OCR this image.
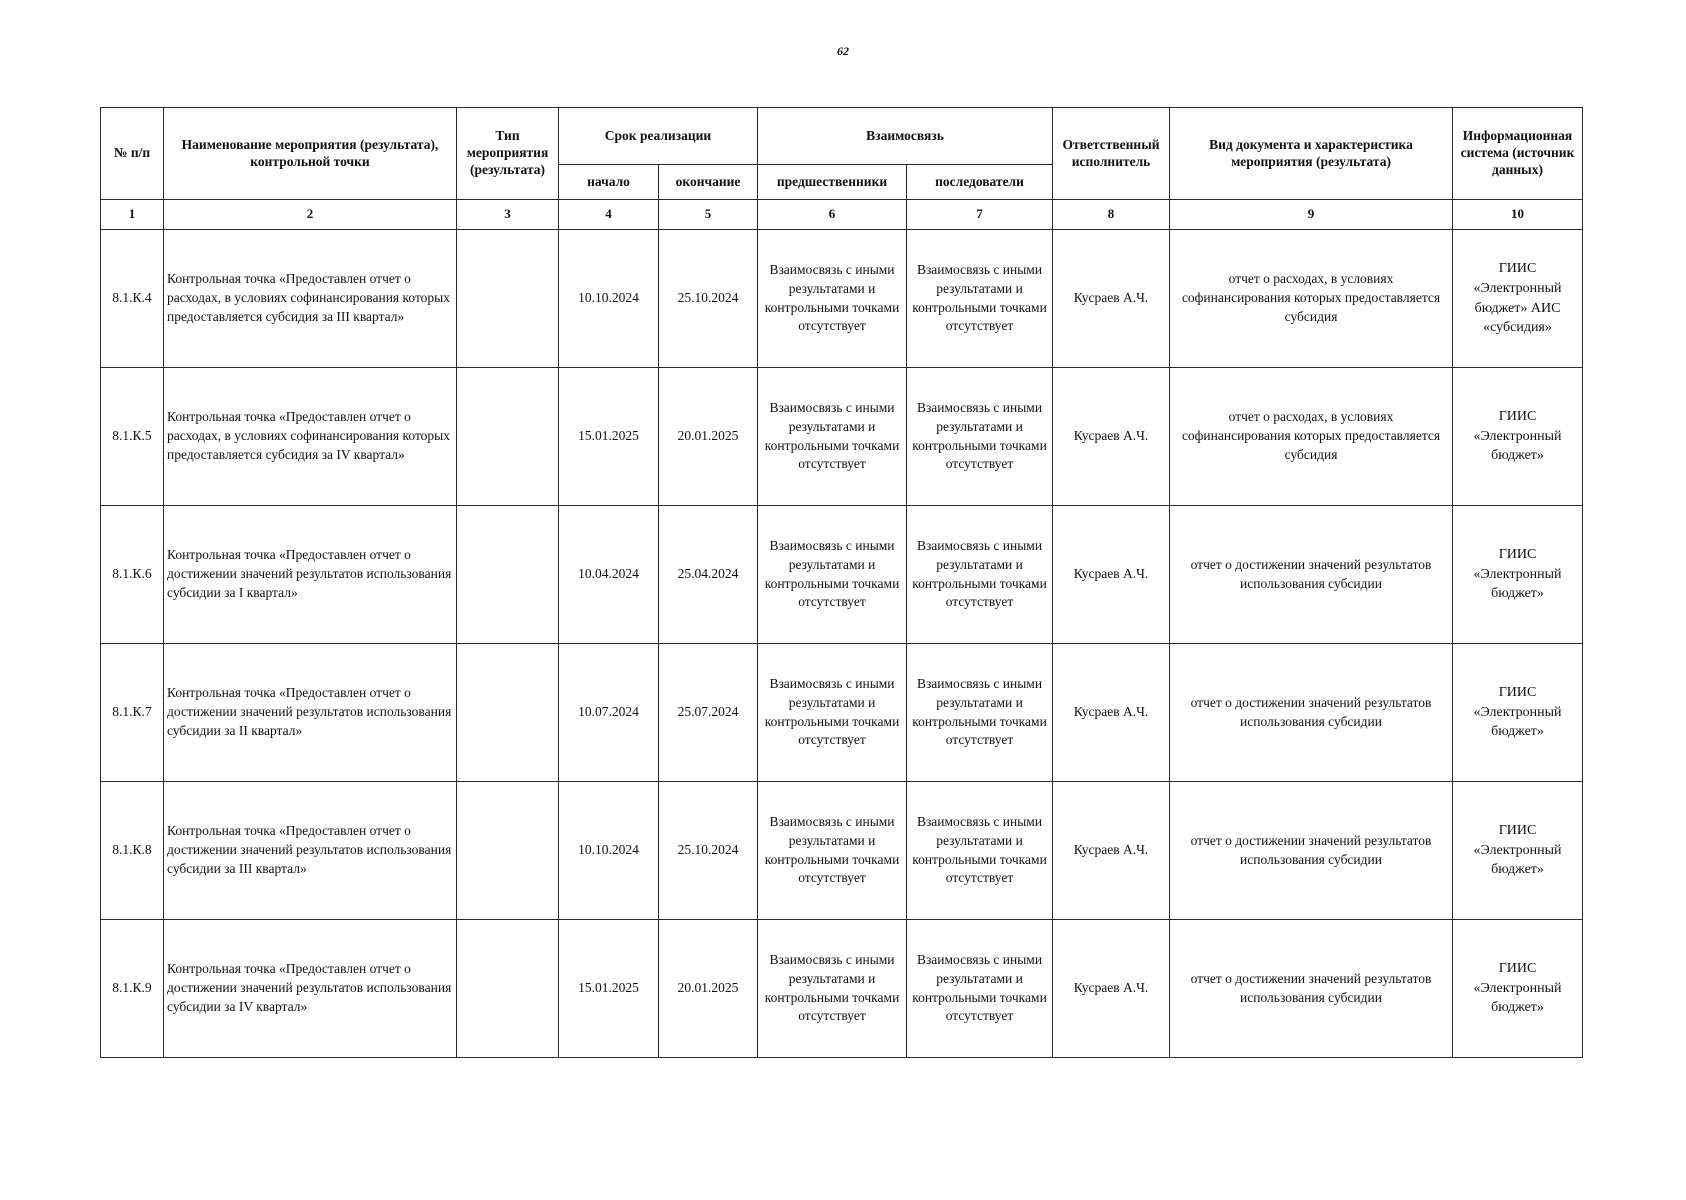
62
№ п/п	Наименование мероприятия (результата), контрольной точки	Тип мероприятия (результата)	Срок реализации		Взаимосвязь		Ответственный исполнитель	Вид документа и характеристика мероприятия (результата)	Информационная система (источник данных)
			начало	окончание	предшественники	последователи			
1	2	3	4	5	6	7	8	9	10
8.1.К.4	Контрольная точка «Предоставлен отчет о расходах, в условиях софинансирования которых предоставляется субсидия за III квартал»		10.10.2024	25.10.2024	Взаимосвязь с иными результатами и контрольными точками отсутствует	Взаимосвязь с иными результатами и контрольными точками отсутствует	Кусраев А.Ч.	отчет о расходах, в условиях софинансирования которых предоставляется субсидия	ГИИС «Электронный бюджет» АИС «субсидия»
8.1.К.5	Контрольная точка «Предоставлен отчет о расходах, в условиях софинансирования которых предоставляется субсидия за IV квартал»		15.01.2025	20.01.2025	Взаимосвязь с иными результатами и контрольными точками отсутствует	Взаимосвязь с иными результатами и контрольными точками отсутствует	Кусраев А.Ч.	отчет о расходах, в условиях софинансирования которых предоставляется субсидия	ГИИС «Электронный бюджет»
8.1.К.6	Контрольная точка «Предоставлен отчет о достижении значений результатов использования субсидии за I квартал»		10.04.2024	25.04.2024	Взаимосвязь с иными результатами и контрольными точками отсутствует	Взаимосвязь с иными результатами и контрольными точками отсутствует	Кусраев А.Ч.	отчет о достижении значений результатов использования субсидии	ГИИС «Электронный бюджет»
8.1.К.7	Контрольная точка «Предоставлен отчет о достижении значений результатов использования субсидии за II квартал»		10.07.2024	25.07.2024	Взаимосвязь с иными результатами и контрольными точками отсутствует	Взаимосвязь с иными результатами и контрольными точками отсутствует	Кусраев А.Ч.	отчет о достижении значений результатов использования субсидии	ГИИС «Электронный бюджет»
8.1.К.8	Контрольная точка «Предоставлен отчет о достижении значений результатов использования субсидии за III квартал»		10.10.2024	25.10.2024	Взаимосвязь с иными результатами и контрольными точками отсутствует	Взаимосвязь с иными результатами и контрольными точками отсутствует	Кусраев А.Ч.	отчет о достижении значений результатов использования субсидии	ГИИС «Электронный бюджет»
8.1.К.9	Контрольная точка «Предоставлен отчет о достижении значений результатов использования субсидии за IV квартал»		15.01.2025	20.01.2025	Взаимосвязь с иными результатами и контрольными точками отсутствует	Взаимосвязь с иными результатами и контрольными точками отсутствует	Кусраев А.Ч.	отчет о достижении значений результатов использования субсидии	ГИИС «Электронный бюджет»
